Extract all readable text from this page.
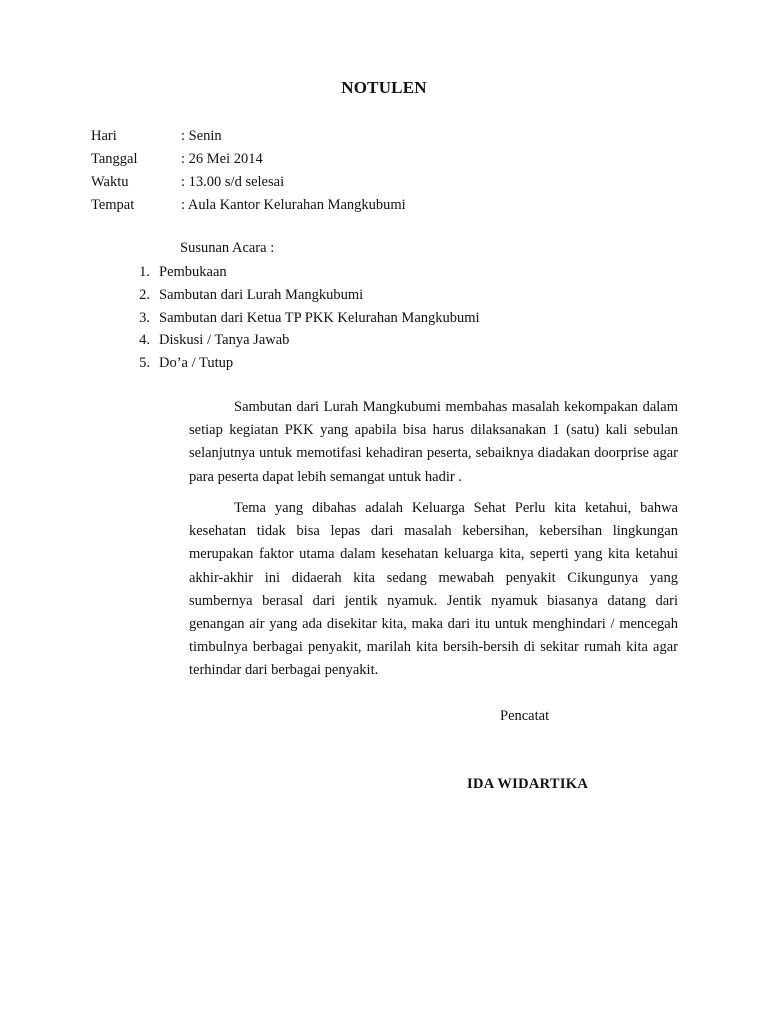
NOTULEN
Hari	: Senin
Tanggal	: 26 Mei 2014
Waktu	: 13.00 s/d selesai
Tempat	: Aula Kantor Kelurahan Mangkubumi
Susunan Acara :
1. Pembukaan
2. Sambutan dari Lurah Mangkubumi
3. Sambutan dari Ketua TP PKK Kelurahan Mangkubumi
4. Diskusi / Tanya Jawab
5. Do’a / Tutup

Sambutan dari Lurah Mangkubumi membahas masalah kekompakan dalam setiap kegiatan PKK yang apabila bisa harus dilaksanakan 1 (satu) kali sebulan selanjutnya untuk memotifasi kehadiran peserta, sebaiknya diadakan doorprise agar para peserta dapat lebih semangat untuk hadir .

Tema yang dibahas adalah Keluarga Sehat Perlu kita ketahui, bahwa kesehatan tidak bisa lepas dari masalah kebersihan, kebersihan lingkungan merupakan faktor utama dalam kesehatan keluarga kita, seperti yang kita ketahui akhir-akhir ini didaerah kita sedang mewabah penyakit Cikungunya yang sumbernya berasal dari jentik nyamuk. Jentik nyamuk biasanya datang dari genangan air yang ada disekitar kita, maka dari itu untuk menghindari / mencegah timbulnya berbagai penyakit, marilah kita bersih-bersih di sekitar rumah kita agar terhindar dari berbagai penyakit.

Pencatat
IDA WIDARTIKA
